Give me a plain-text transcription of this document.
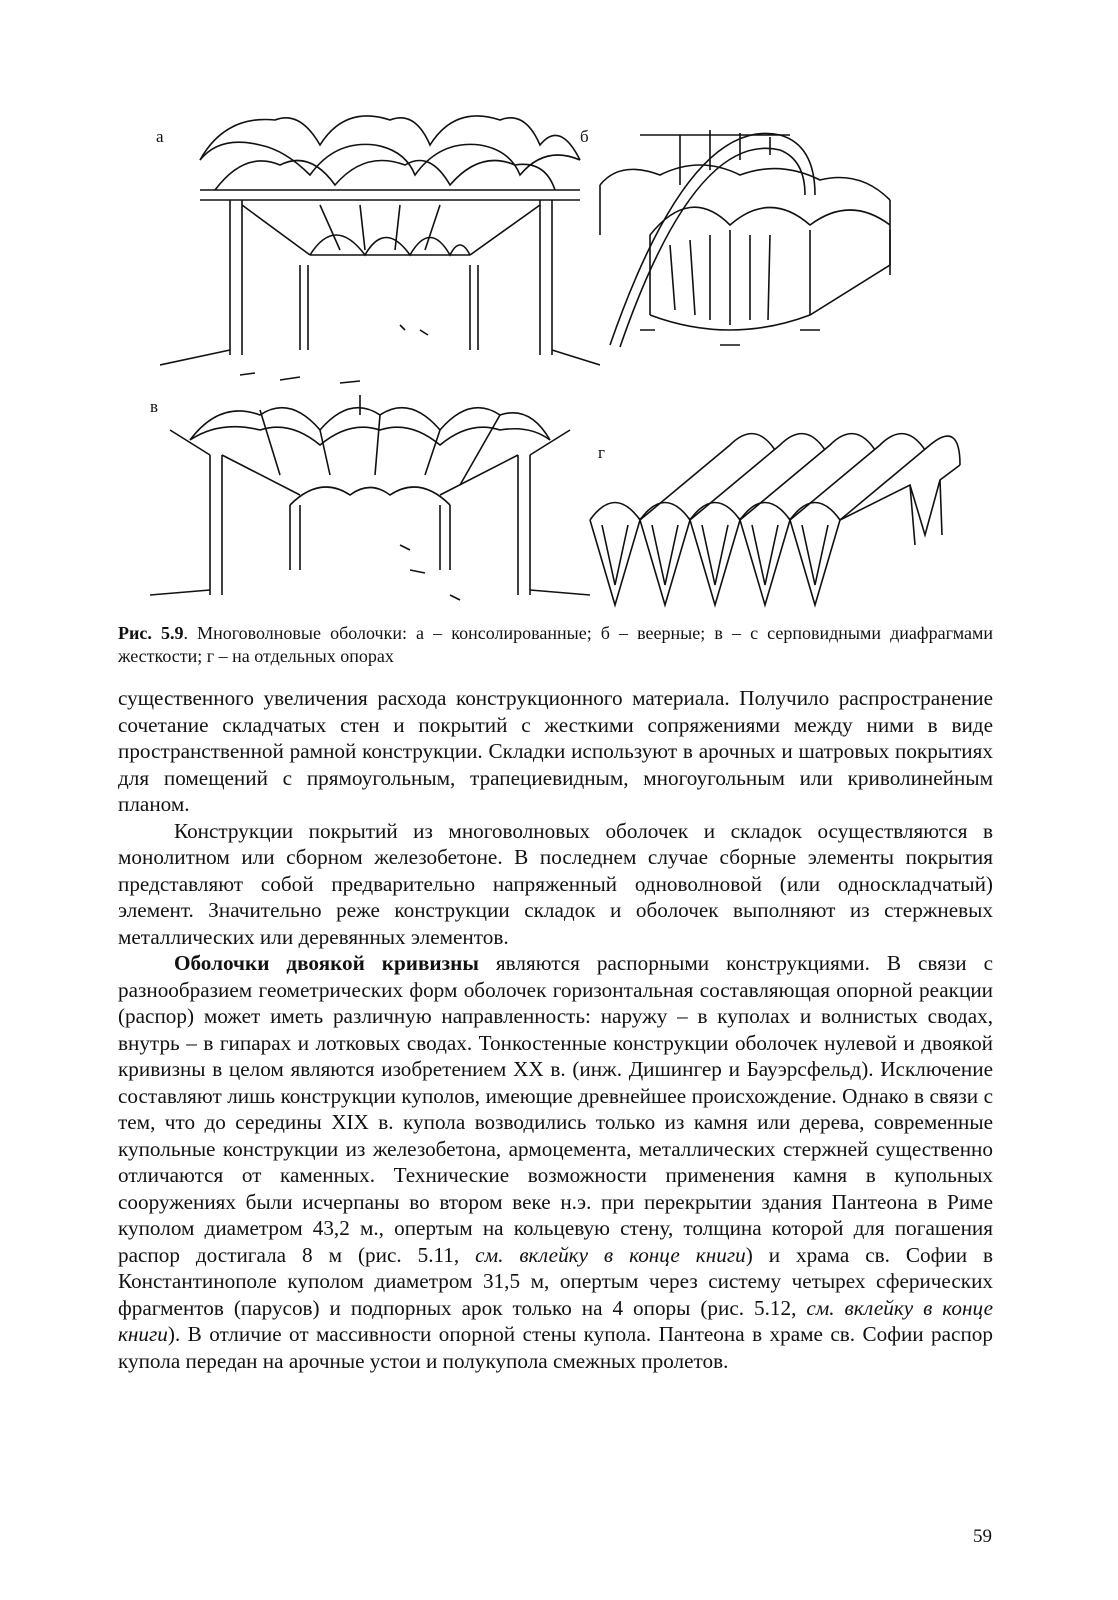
а	б
в
г
Рис. 5.9. Многоволновые оболочки: а – консолированные; б – веерные; в – с серповидными диафрагмами жесткости; г – на отдельных опорах

существенного увеличения расхода конструкционного материала. Получило распространение сочетание складчатых стен и покрытий с жесткими сопряжениями между ними в виде пространственной рамной конструкции. Складки используют в арочных и шатровых покрытиях для помещений с прямоугольным, трапециевидным, многоугольным или криволинейным планом.

Конструкции покрытий из многоволновых оболочек и складок осуществляются в монолитном или сборном железобетоне. В последнем случае сборные элементы покрытия представляют собой предварительно напряженный одноволновой (или односкладчатый) элемент. Значительно реже конструкции складок и оболочек выполняют из стержневых металлических или деревянных элементов.

Оболочки двоякой кривизны являются распорными конструкциями. В связи с разнообразием геометрических форм оболочек горизонтальная составляющая опорной реакции (распор) может иметь различную направленность: наружу – в куполах и волнистых сводах, внутрь – в гипарах и лотковых сводах. Тонкостенные конструкции оболочек нулевой и двоякой кривизны в целом являются изобретением XX в. (инж. Дишингер и Бауэрсфельд). Исключение составляют лишь конструкции куполов, имеющие древнейшее происхождение. Однако в связи с тем, что до середины XIX в. купола возводились только из камня или дерева, современные купольные конструкции из железобетона, армоцемента, металлических стержней существенно отличаются от каменных. Технические возможности применения камня в купольных сооружениях были исчерпаны во втором веке н.э. при перекрытии здания Пантеона в Риме куполом диаметром 43,2 м., опертым на кольцевую стену, толщина которой для погашения распор достигала 8 м (рис. 5.11, см. вклейку в конце книги) и храма св. Софии в Константинополе куполом диаметром 31,5 м, опертым через систему четырех сферических фрагментов (парусов) и подпорных арок только на 4 опоры (рис. 5.12, см. вклейку в конце книги). В отличие от массивности опорной стены купола. Пантеона в храме св. Софии распор купола передан на арочные устои и полукупола смежных пролетов.

59
